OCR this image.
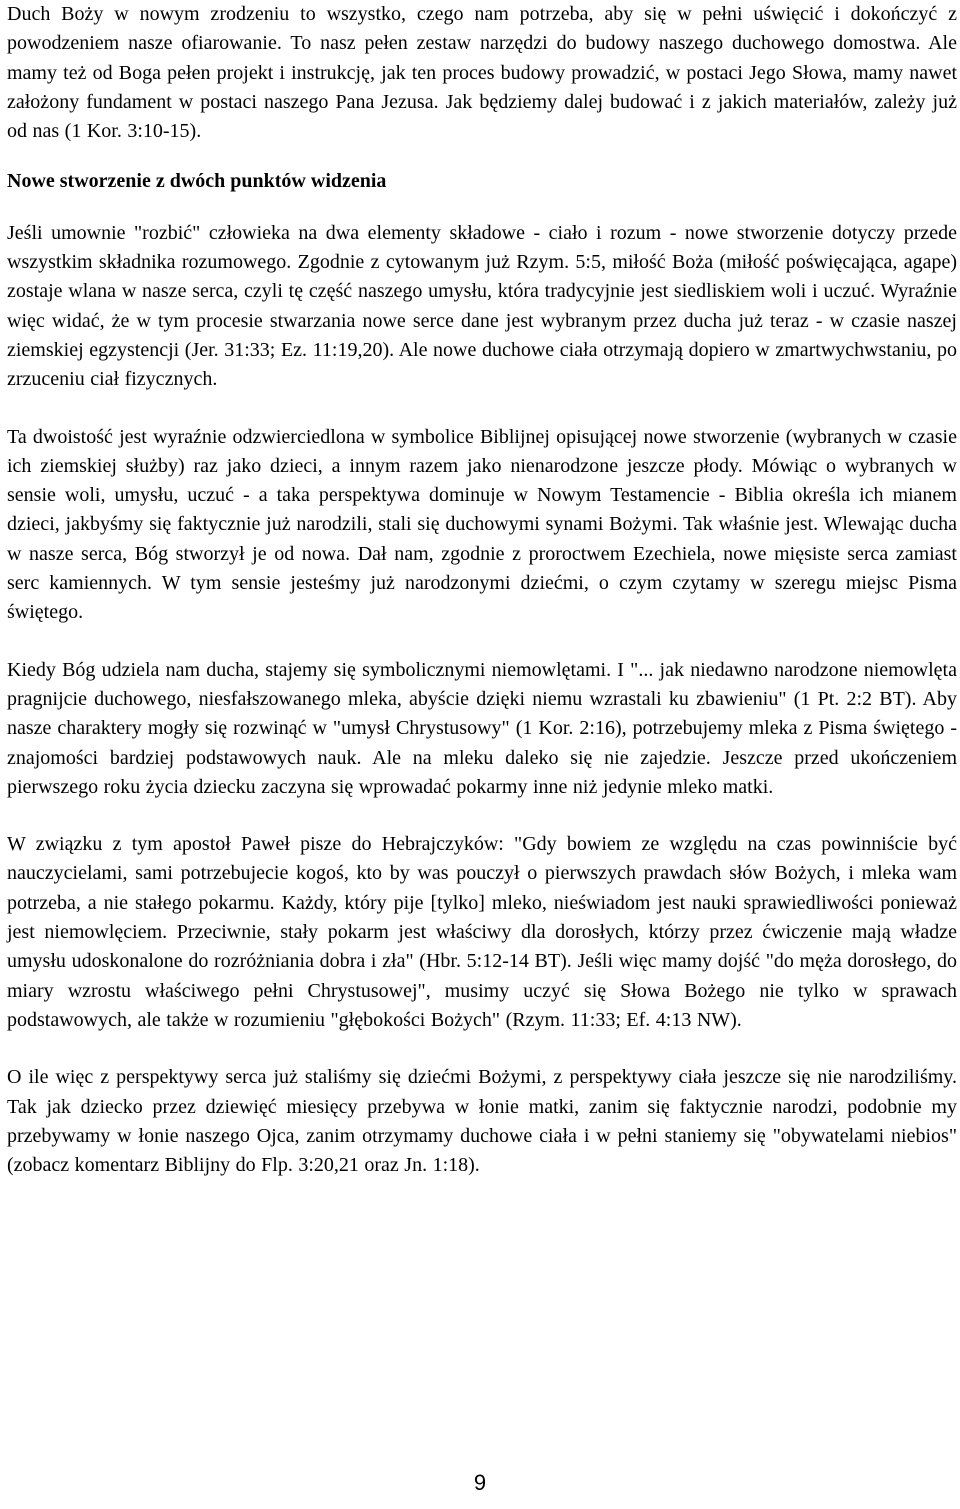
Duch Boży w nowym zrodzeniu to wszystko, czego nam potrzeba, aby się w pełni uświęcić i dokończyć z powodzeniem nasze ofiarowanie. To nasz pełen zestaw narzędzi do budowy naszego duchowego domostwa. Ale mamy też od Boga pełen projekt i instrukcję, jak ten proces budowy prowadzić, w postaci Jego Słowa, mamy nawet założony fundament w postaci naszego Pana Jezusa. Jak będziemy dalej budować i z jakich materiałów, zależy już od nas (1 Kor. 3:10-15).

Nowe stworzenie z dwóch punktów widzenia

Jeśli umownie "rozbić" człowieka na dwa elementy składowe - ciało i rozum - nowe stworzenie dotyczy przede wszystkim składnika rozumowego. Zgodnie z cytowanym już Rzym. 5:5, miłość Boża (miłość poświęcająca, agape) zostaje wlana w nasze serca, czyli tę część naszego umysłu, która tradycyjnie jest siedliskiem woli i uczuć. Wyraźnie więc widać, że w tym procesie stwarzania nowe serce dane jest wybranym przez ducha już teraz - w czasie naszej ziemskiej egzystencji (Jer. 31:33; Ez. 11:19,20). Ale nowe duchowe ciała otrzymają dopiero w zmartwychwstaniu, po zrzuceniu ciał fizycznych.

Ta dwoistość jest wyraźnie odzwierciedlona w symbolice Biblijnej opisującej nowe stworzenie (wybranych w czasie ich ziemskiej służby) raz jako dzieci, a innym razem jako nienarodzone jeszcze płody. Mówiąc o wybranych w sensie woli, umysłu, uczuć - a taka perspektywa dominuje w Nowym Testamencie - Biblia określa ich mianem dzieci, jakbyśmy się faktycznie już narodzili, stali się duchowymi synami Bożymi. Tak właśnie jest. Wlewając ducha w nasze serca, Bóg stworzył je od nowa. Dał nam, zgodnie z proroctwem Ezechiela, nowe mięsiste serca zamiast serc kamiennych. W tym sensie jesteśmy już narodzonymi dziećmi, o czym czytamy w szeregu miejsc Pisma świętego.

Kiedy Bóg udziela nam ducha, stajemy się symbolicznymi niemowlętami. I "... jak niedawno narodzone niemowlęta pragnijcie duchowego, niesfałszowanego mleka, abyście dzięki niemu wzrastali ku zbawieniu" (1 Pt. 2:2 BT). Aby nasze charaktery mogły się rozwinąć w "umysł Chrystusowy" (1 Kor. 2:16), potrzebujemy mleka z Pisma świętego - znajomości bardziej podstawowych nauk. Ale na mleku daleko się nie zajedzie. Jeszcze przed ukończeniem pierwszego roku życia dziecku zaczyna się wprowadać pokarmy inne niż jedynie mleko matki.

W związku z tym apostoł Paweł pisze do Hebrajczyków: "Gdy bowiem ze względu na czas powinniście być nauczycielami, sami potrzebujecie kogoś, kto by was pouczył o pierwszych prawdach słów Bożych, i mleka wam potrzeba, a nie stałego pokarmu. Każdy, który pije [tylko] mleko, nieświadom jest nauki sprawiedliwości ponieważ jest niemowlęciem. Przeciwnie, stały pokarm jest właściwy dla dorosłych, którzy przez ćwiczenie mają władze umysłu udoskonalone do rozróżniania dobra i zła" (Hbr. 5:12-14 BT). Jeśli więc mamy dojść "do męża dorosłego, do miary wzrostu właściwego pełni Chrystusowej", musimy uczyć się Słowa Bożego nie tylko w sprawach podstawowych, ale także w rozumieniu "głębokości Bożych" (Rzym. 11:33; Ef. 4:13 NW).

O ile więc z perspektywy serca już staliśmy się dziećmi Bożymi, z perspektywy ciała jeszcze się nie narodziliśmy. Tak jak dziecko przez dziewięć miesięcy przebywa w łonie matki, zanim się faktycznie narodzi, podobnie my przebywamy w łonie naszego Ojca, zanim otrzymamy duchowe ciała i w pełni staniemy się "obywatelami niebios" (zobacz komentarz Biblijny do Flp. 3:20,21 oraz Jn. 1:18).

9
